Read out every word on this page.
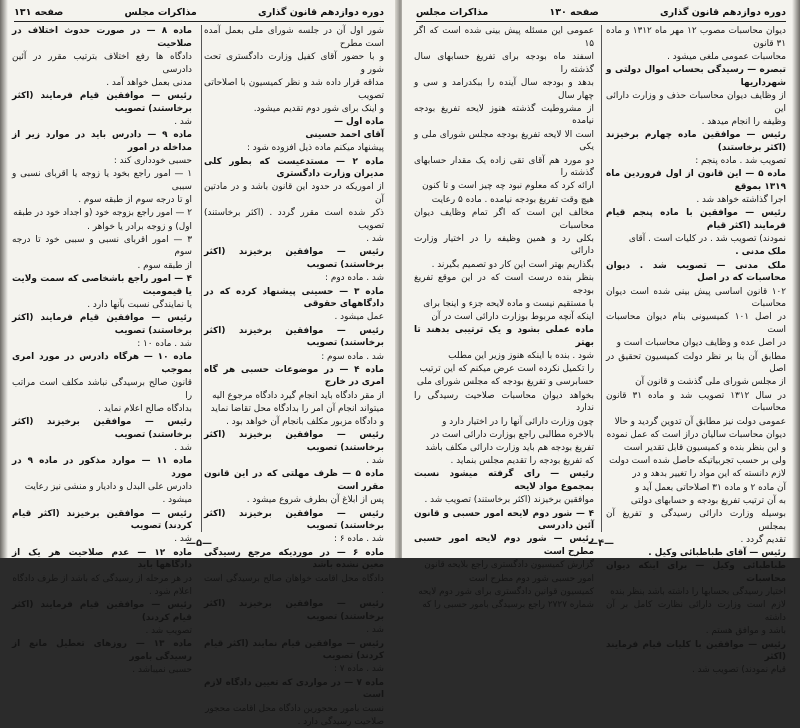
دوره دوازدهم قانون گذاری
مذاکرات مجلس
صفحه ۱۳۱

شور اول آن در جلسه شورای ملی بعمل آمده است مطرح

و با حضور آقای کفیل وزارت دادگستری تحت شور و

مداقه قرار داده شد و نظر کمیسیون با اصلاحاتی تصویب

و اینک برای شور دوم تقدیم میشود.

ماده اول —

آقای احمد حسینی

پیشنهاد میکنم ماده ذیل افزوده شود :

ماده ۲ — مستدعیست که بطور کلی مدیران وزارت دادگستری

از اموریکه در حدود این قانون باشد و در مادتین آن

ذکر شده است مقرر گردد . (اکثر برخاستند) تصویب

شد .

رئیس — موافقین برخیزند (اکثر برخاستند) تصویب

شد . ماده دوم :

ماده ۳ — حسینی پیشنهاد کرده که در دادگاههای حقوقی

عمل میشود .

رئیس — موافقین برخیزند (اکثر برخاستند) تصویب

شد . ماده سوم :

ماده ۴ — در موضوعات حسبی هر گاه امری در خارج

از مقر دادگاه باید انجام گیرد دادگاه مرجوع الیه

میتواند انجام آن امر را بدادگاه محل تقاضا نماید

و دادگاه مزبور مکلف بانجام آن خواهد بود .

رئیس — موافقین برخیزند (اکثر برخاستند) تصویب

شد .

ماده ۵ — ظرف مهلتی که در این قانون مقرر است

پس از ابلاغ آن بطرف شروع میشود .

رئیس — موافقین برخیزند (اکثر برخاستند) تصویب

شد . ماده ۶ :

ماده ۶ — در موردیکه مرجع رسیدگی معین نشده باشد

دادگاه محل اقامت خواهان صالح برسیدگی است .

رئیس — موافقین برخیزند (اکثر برخاستند) تصویب

شد .

رئیس — موافقین قیام نمایند (اکثر قیام کردند) تصویب

شد . ماده ۷ :

ماده ۷ — در مواردی که تعیین دادگاه لازم است

نسبت بامور محجورین دادگاه محل اقامت محجور

صلاحیت رسیدگی دارد .

ماده ۸ — در صورت حدوث اختلاف در صلاحیت

دادگاه ها رفع اختلاف بترتیب مقرر در آئین دادرسی

مدنی بعمل خواهد آمد .

رئیس — موافقین قیام فرمایند (اکثر برخاستند) تصویب

شد .

ماده ۹ — دادرس باید در موارد زیر از مداخله در امور

حسبی خودداری کند :

۱ — امور راجع بخود یا زوجه یا اقربای نسبی و سببی

او تا درجه سوم از طبقه سوم .

۲ — امور راجع بزوجه خود (و اجداد خود در طبقه

اول) و زوجه برادر یا خواهر .

۳ — امور اقربای نسبی و سببی خود تا درجه سوم

از طبقه سوم .

۴ — امور راجع باشخاصی که سمت ولایت یا قیمومیت

یا نمایندگی نسبت بآنها دارد .

رئیس — موافقین قیام فرمایند (اکثر برخاستند) تصویب

شد . ماده ۱۰ :

ماده ۱۰ — هرگاه دادرس در مورد امری بموجب

قانون صالح برسیدگی نباشد مکلف است مراتب را

بدادگاه صالح اعلام نماید .

رئیس — موافقین برخیزند (اکثر برخاستند) تصویب

شد .

ماده ۱۱ — موارد مذکور در ماده ۹ در مورد

دادرس علی البدل و دادیار و منشی نیز رعایت

میشود .

رئیس — موافقین برخیزند (اکثر قیام کردند) تصویب

شد .

ماده ۱۲ — عدم صلاحیت هر یک از دادگاهها باید

در هر مرحله از رسیدگی که باشد از طرف دادگاه

اعلام شود .

رئیس — موافقین قیام فرمایند (اکثر قیام کردند)

تصویب شد .

ماده ۱۳ — روزهای تعطیل مانع از رسیدگی بامور

حسبی نمیباشد .

—۵—
دوره دوازدهم قانون گذاری
صفحه ۱۳۰
مذاکرات مجلس

دیوان محاسبات مصوب ۱۲ مهر ماه ۱۳۱۲ و ماده ۳۱ قانون

محاسبات عمومی ملغی میشود .

تبصره — رسیدگی بحساب اموال دولتی و شهرداریها

از وظایف دیوان محاسبات حذف و وزارت دارائی این

وظیفه را انجام میدهد .

رئیس — موافقین ماده چهارم برخیزند (اکثر برخاستند)

تصویب شد . ماده پنجم :

ماده ۵ — این قانون از اول فروردین ماه ۱۳۱۹ بموقع

اجرا گذاشته خواهد شد .

رئیس — موافقین با ماده پنجم قیام فرمایند (اکثر قیام

نمودند) تصویب شد . در کلیات است . آقای

ملک مدنی .

ملک مدنی — تصویب شد . دیوان محاسبات که در اصل

۱۰۲ قانون اساسی پیش بینی شده است دیوان محاسبات

در اصل ۱۰۱ کمیسیونی بنام دیوان محاسبات است

در اصل عده و وظایف دیوان محاسبات است و

مطابق آن بنا بر نظر دولت کمیسیون تحقیق در اصل

از مجلس شورای ملی گذشت و قانون آن

در سال ۱۳۱۲ تصویب شد و ماده ۳۱ قانون محاسبات

عمومی دولت نیز مطابق آن تدوین گردید و حالا

دیوان محاسبات سالیان دراز است که عمل نموده

و این بنظر بنده و کمیسیون قابل تقدیر است

ولی بر حسب تجربیاتیکه حاصل شده است دولت

لازم دانسته که این مواد را تغییر بدهد و در

آن ماده ۲ و ماده ۳۱ اصلاحاتی بعمل آید و

به آن ترتیب تفریغ بودجه و حسابهای دولتی

بوسیله وزارت دارائی رسیدگی و تفریغ آن بمجلس

تقدیم گردد .

رئیس — آقای طباطبائی وکیل .

طباطبائی وکیل — برای اینکه دیوان محاسبات

اختیار رسیدگی بحسابها را داشته باشد بنظر بنده

لازم است وزارت دارائی نظارت کامل بر آن داشته

باشد و موافق هستم .

رئیس — موافقین با کلیات قیام فرمایند (اکثر

قیام نمودند) تصویب شد .

عمومی این مسئله پیش بینی شده است که اگر ۱۵

اسفند ماه بودجه برای تفریغ حسابهای سال گذشته را

بدهد و بودجه سال آینده را ببکدرامد و سی و چهار سال

از مشروطیت گذشته هنوز لایحه تفریغ بودجه نیامده

است الا لایحه تفریغ بودجه مجلس شورای ملی و یکی

دو مورد هم آقای تقی زاده یک مقدار حسابهای گذشته را

ارائه کرد که معلوم نبود چه چیز است و تا کنون

هیچ وقت تفریغ بودجه نیامده . ماده ۵ رعایت

مخالف این است که اگر تمام وظایف دیوان محاسبات

بکلی رد و همین وظیفه را در اختیار وزارت دارائی

بگذاریم بهتر است این کار دو تصمیم بگیرند .

بنظر بنده درست است که در این موقع تفریغ بودجه

با مستقیم نیست و ماده لایحه جزء و اینجا برای

اینکه آنچه مربوط بوزارت دارائی است در آن

ماده عملی بشود و یک ترتیبی بدهند تا بهتر

شود . بنده با اینکه هنوز وزیر این مطلب

را تکمیل نکرده است عرض میکنم که این ترتیب

حسابرسی و تفریغ بودجه که مجلس شورای ملی

بخواهد دیوان محاسبات صلاحیت رسیدگی را ندارد

چون وزارت دارائی آنها را در اختیار دارد و

بالاخره مطالبی راجع بوزارت دارائی است در

تفریغ بودجه هم باید وزارت دارائی مکلف باشد

که تفریغ بودجه را تقدیم مجلس بنماید .

رئیس — رای گرفته میشود نسبت بمجموع مواد لایحه

موافقین برخیزند (اکثر برخاستند) تصویب شد .

۴ — شور دوم لایحه امور حسبی و قانون آئین دادرسی

رئیس — شور دوم لایحه امور حسبی مطرح است

گزارش کمیسیون دادگستری راجع بلایحه قانون

امور حسبی شور دوم مطرح است

کمیسیون قوانین دادگستری برای شور دوم لایحه

شماره ۲۷۲۷ راجع برسیدگی بامور حسبی را که

—۴—
